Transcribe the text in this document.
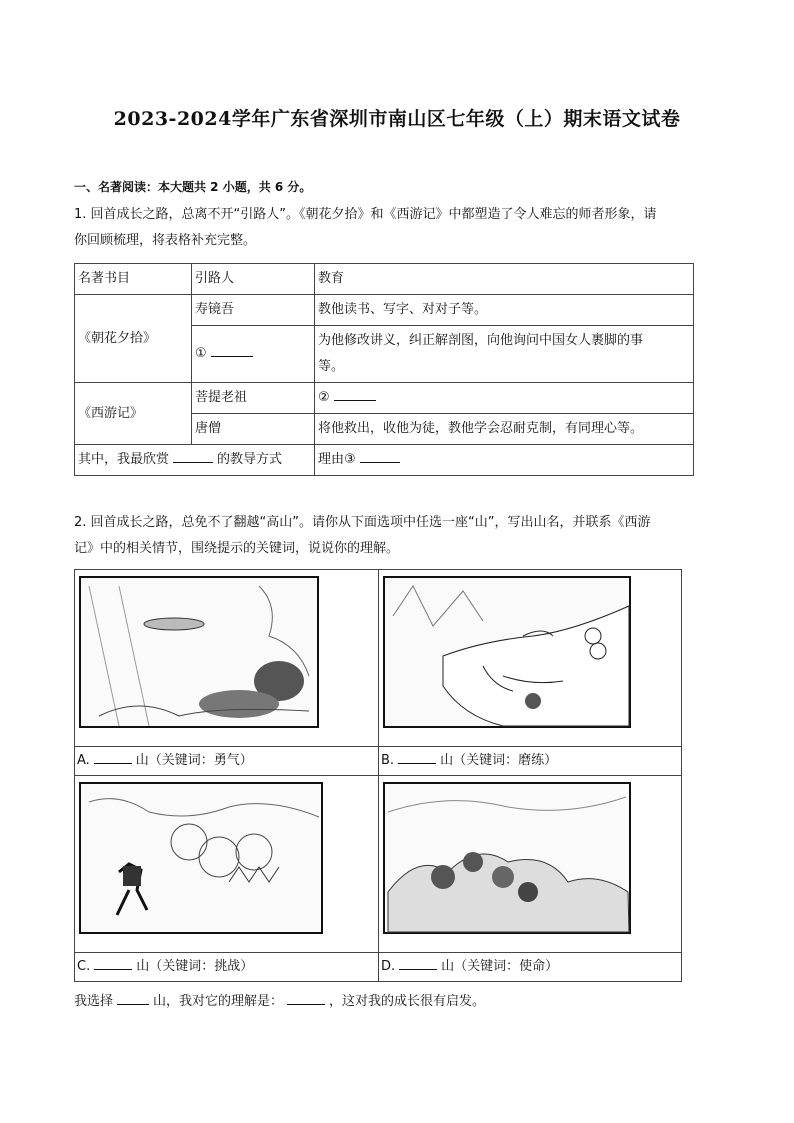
2023-2024学年广东省深圳市南山区七年级（上）期末语文试卷
一、名著阅读：本大题共 2 小题，共 6 分。
1. 回首成长之路，总离不开“引路人”。《朝花夕拾》和《西游记》中都塑造了令人难忘的师者形象，请
你回顾梳理，将表格补充完整。
名著书目	引路人	教育
《朝花夕拾》	寿镜吾	教他读书、写字、对对子等。
	①	为他修改讲义，纠正解剖图，向他询问中国女人裹脚的事
等。

《西游记》	菩提老祖	②
	唐僧	将他救出，收他为徒，教他学会忍耐克制，有同理心等。
其中，我最欣赏 的教导方式		理由③
2. 回首成长之路，总免不了翻越“高山”。请你从下面选项中任选一座“山”，写出山名，并联系《西游
记》中的相关情节，围绕提示的关键词，说说你的理解。

A. 山（关键词：勇气）	B. 山（关键词：磨练）

C. 山（关键词：挑战）	D. 山（关键词：使命）
我选择	山，我对它的理解是：	，这对我的成长很有启发。
